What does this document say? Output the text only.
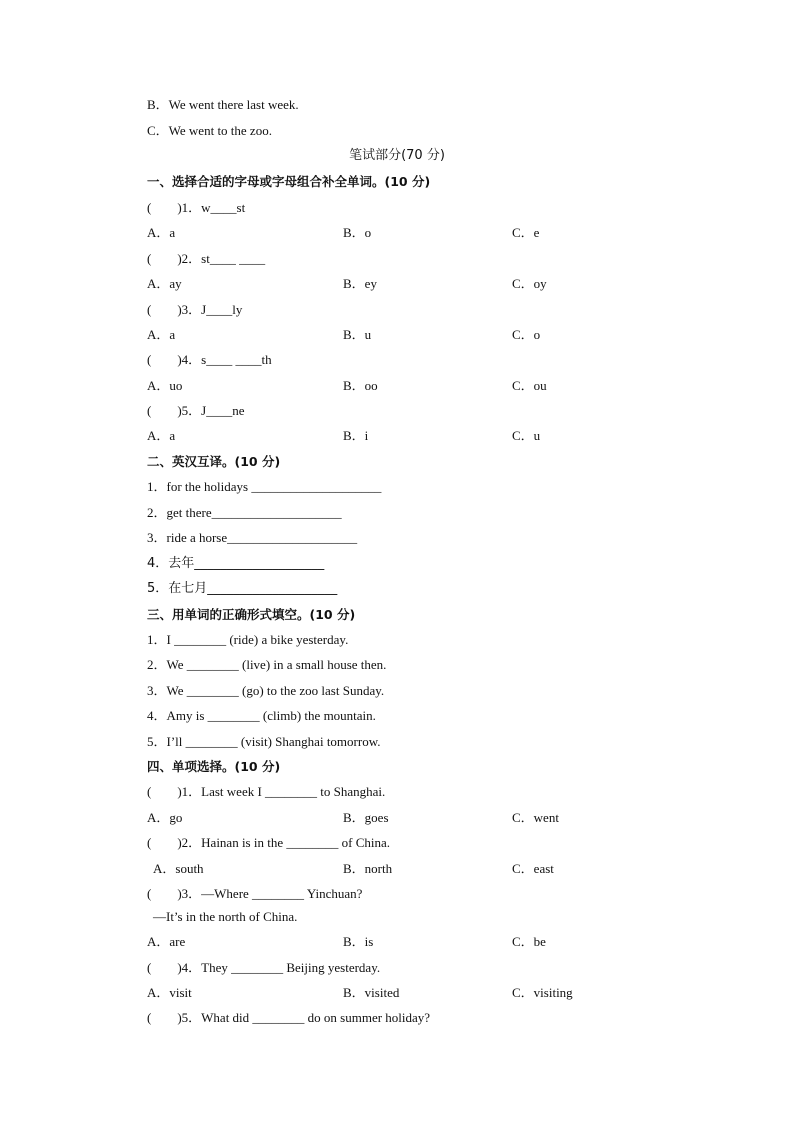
B．We went there last week.
C．We went to the zoo.
笔试部分(70 分)
一、选择合适的字母或字母组合补全单词。(10 分)
(　　)1．w____st
A．a	B．o	C．e
(　　)2．st____ ____
A．ay	B．ey	C．oy
(　　)3．J____ly
A．a	B．u	C．o
(　　)4．s____ ____th
A．uo	B．oo	C．ou
(　　)5．J____ne
A．a	B．i	C．u
二、英汉互译。(10 分)
1．for the holidays ____________________
2．get there____________________
3．ride a horse____________________
4．去年____________________
5．在七月____________________
三、用单词的正确形式填空。(10 分)
1．I ________ (ride) a bike yesterday.
2．We ________ (live) in a small house then.
3．We ________ (go) to the zoo last Sunday.
4．Amy is ________ (climb) the mountain.
5．I’ll ________ (visit) Shanghai tomorrow.
四、单项选择。(10 分)
(　　)1．Last week I ________ to Shanghai.
A．go	B．goes	C．went
(　　)2．Hainan is in the ________ of China.
A．south	B．north	C．east
(　　)3．—Where ________ Yinchuan?
—It’s in the north of China.
A．are	B．is	C．be
(　　)4．They ________ Beijing yesterday.
A．visit	B．visited	C．visiting
(　　)5．What did ________ do on summer holiday?
